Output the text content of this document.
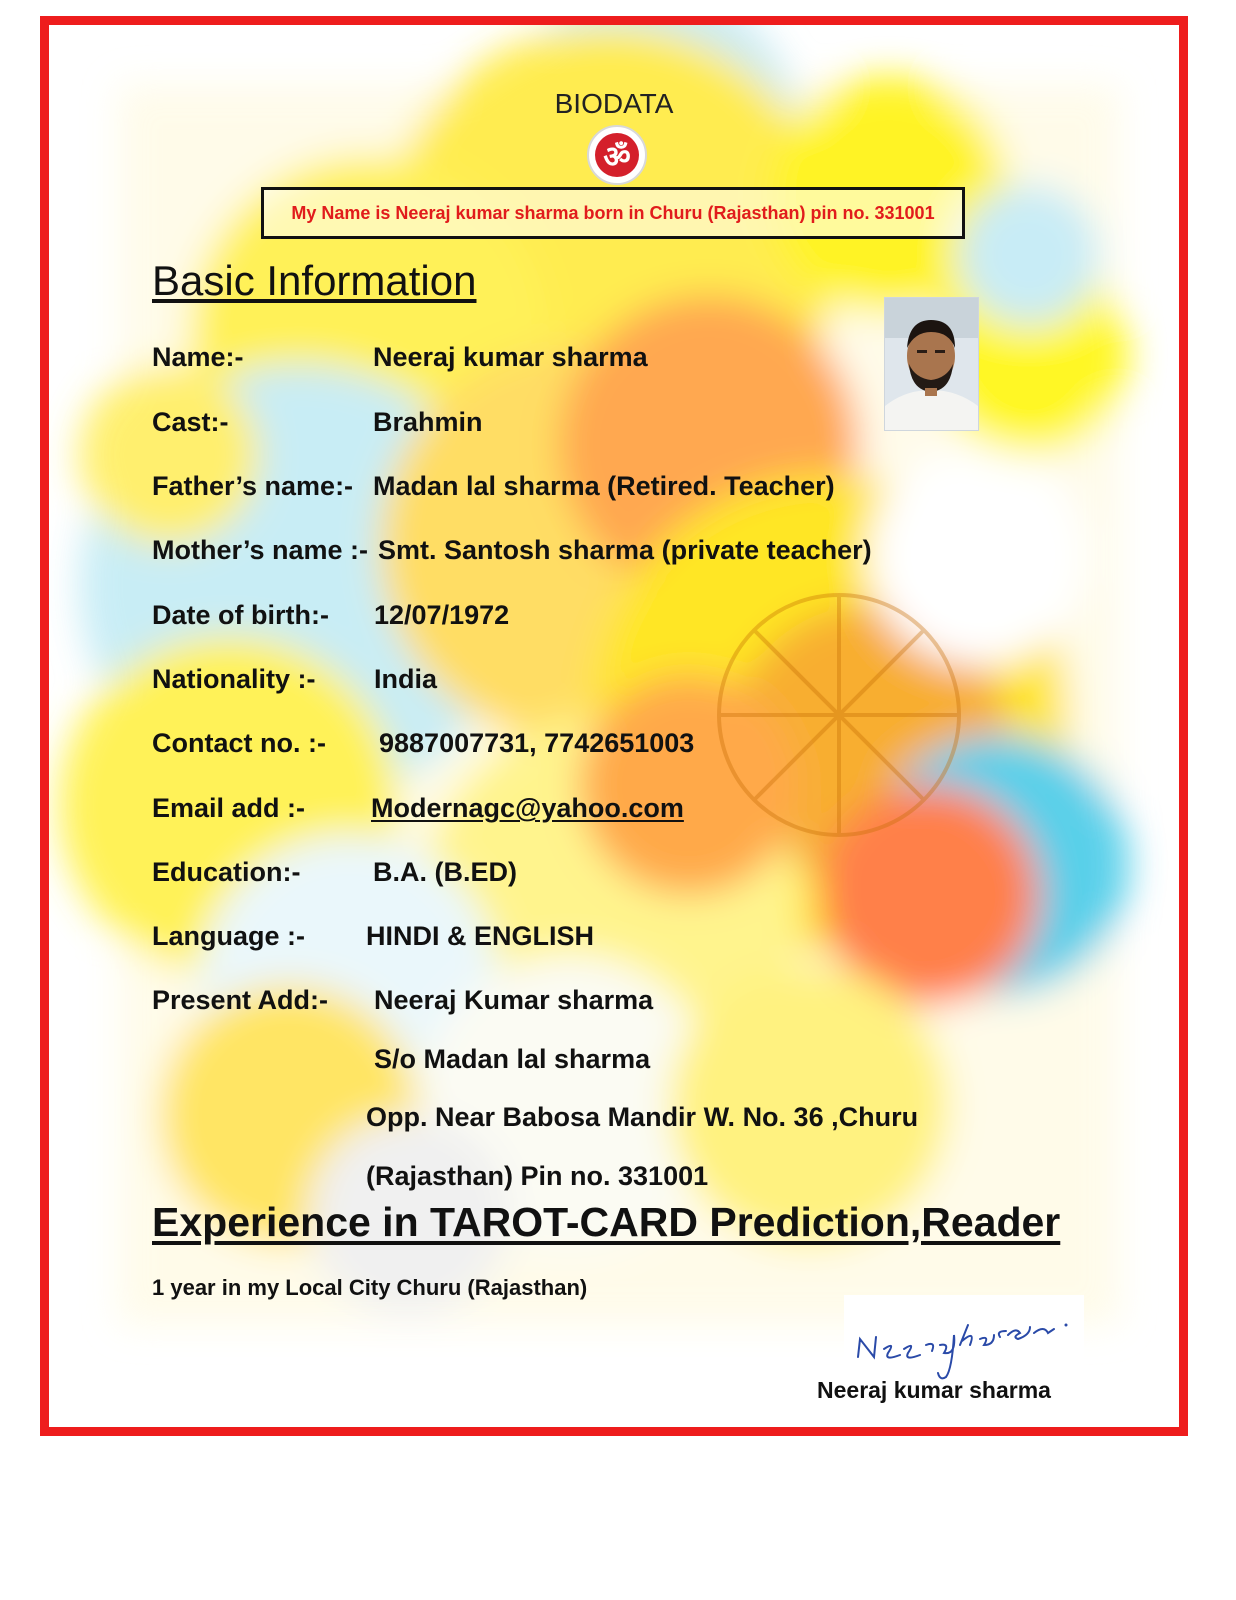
BIODATA
ॐ
My Name is Neeraj kumar sharma born in Churu (Rajasthan) pin no. 331001
Basic Information
Name:-	Neeraj kumar sharma
Cast:-	Brahmin
Father’s name:- Madan lal sharma (Retired. Teacher)
Mother’s name :- Smt. Santosh sharma (private teacher)
Date of birth:- 12/07/1972
Nationality :- India
Contact no. :- 9887007731, 7742651003
Email add :- Modernagc@yahoo.com
Education:-	B.A. (B.ED)
Language :- HINDI & ENGLISH
Present Add:- Neeraj Kumar sharma
S/o Madan lal sharma
Opp. Near Babosa Mandir W. No. 36 ,Churu
(Rajasthan) Pin no. 331001
Experience in TAROT-CARD Prediction,Reader
1 year in my Local City Churu (Rajasthan)
Neeraj kumar sharma
